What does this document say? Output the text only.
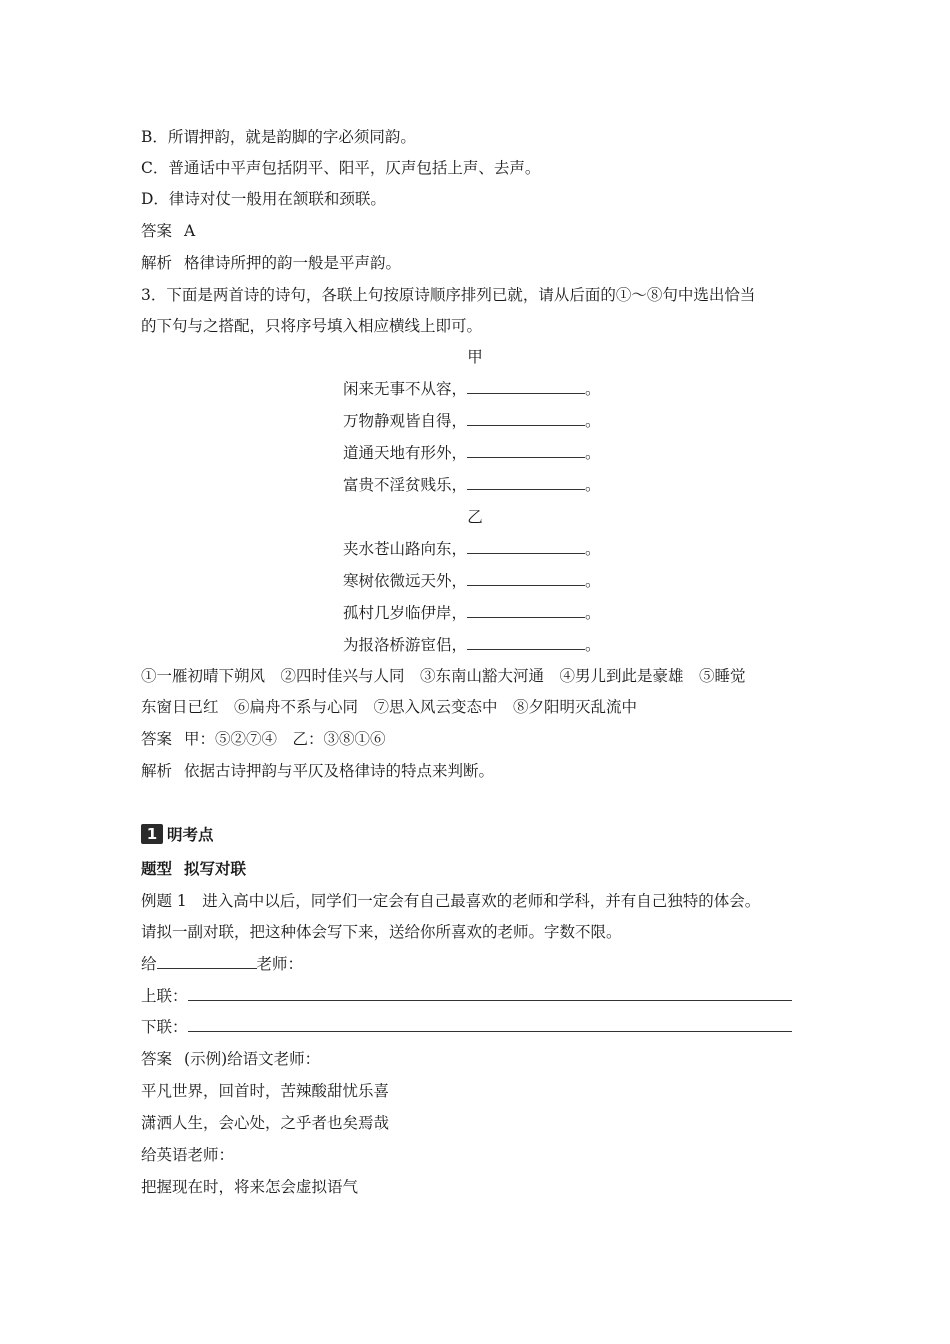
B．所谓押韵，就是韵脚的字必须同韵。
C．普通话中平声包括阴平、阳平，仄声包括上声、去声。
D．律诗对仗一般用在颔联和颈联。
答案 A
解析 格律诗所押的韵一般是平声韵。
3．下面是两首诗的诗句，各联上句按原诗顺序排列已就，请从后面的①～⑧句中选出恰当
的下句与之搭配，只将序号填入相应横线上即可。
甲
闲来无事不从容，	。
万物静观皆自得，	。
道通天地有形外，	。
富贵不淫贫贱乐，	。
乙
夹水苍山路向东，	。
寒树依微远天外，	。
孤村几岁临伊岸，	。
为报洛桥游宦侣，	。
①一雁初晴下朔风　②四时佳兴与人同　③东南山豁大河通　④男儿到此是豪雄　⑤睡觉
东窗日已红　⑥扁舟不系与心同　⑦思入风云变态中　⑧夕阳明灭乱流中
答案 甲：⑤②⑦④　乙：③⑧①⑥
解析 依据古诗押韵与平仄及格律诗的特点来判断。
1 明考点
题型 拟写对联
例题 1　进入高中以后，同学们一定会有自己最喜欢的老师和学科，并有自己独特的体会。
请拟一副对联，把这种体会写下来，送给你所喜欢的老师。字数不限。
给	老师：
上联：
下联：
答案 (示例)给语文老师：
平凡世界，回首时，苦辣酸甜忧乐喜
潇洒人生，会心处，之乎者也矣焉哉
给英语老师：
把握现在时，将来怎会虚拟语气
